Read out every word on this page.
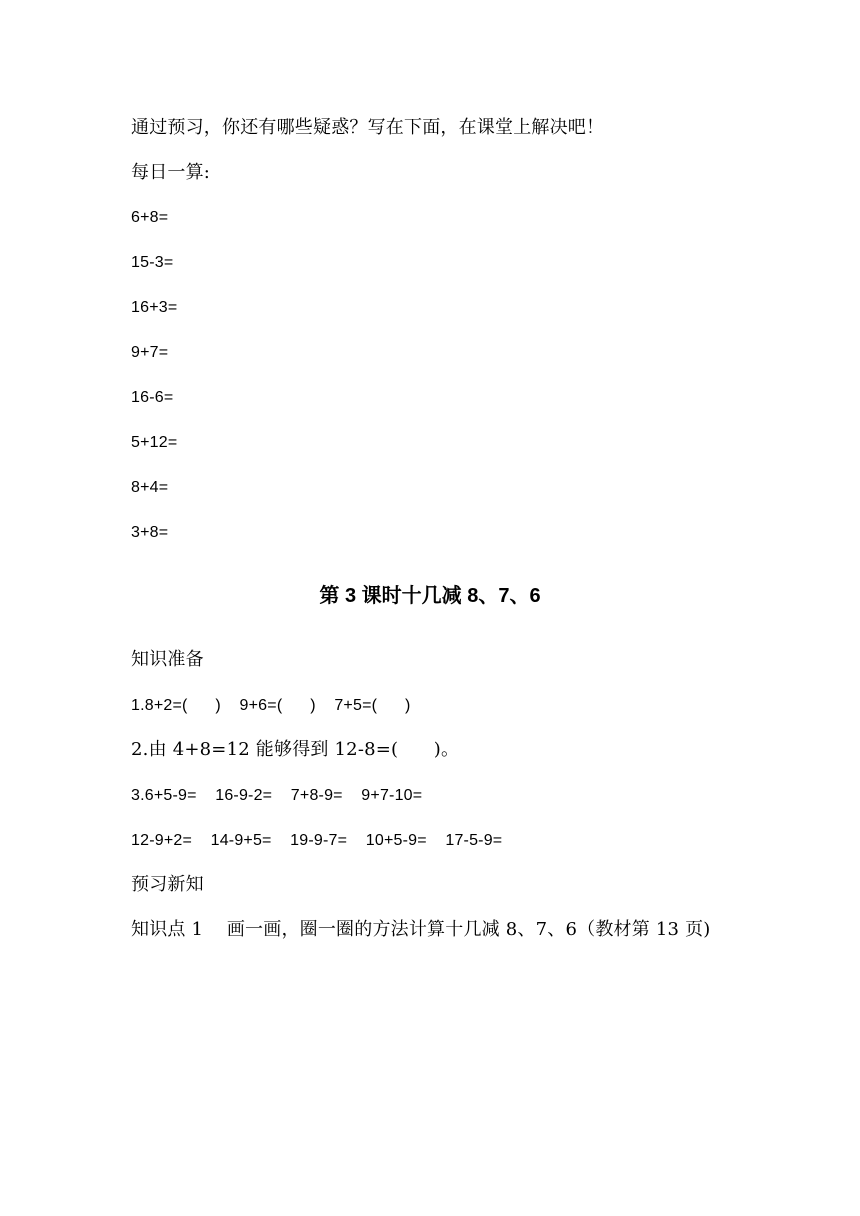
通过预习，你还有哪些疑惑？写在下面，在课堂上解决吧！
每日一算:
6+8=
15-3=
16+3=
9+7=
16-6=
5+12=
8+4=
3+8=
第 3 课时十几减 8、7、6
知识准备
1.8+2=(      )    9+6=(      )    7+5=(      )
2.由 4+8=12 能够得到 12-8=(      )。
3.6+5-9=    16-9-2=    7+8-9=    9+7-10=
12-9+2=    14-9+5=    19-9-7=    10+5-9=    17-5-9=
预习新知
知识点 1    画一画，圈一圈的方法计算十几减 8、7、6（教材第 13 页)
